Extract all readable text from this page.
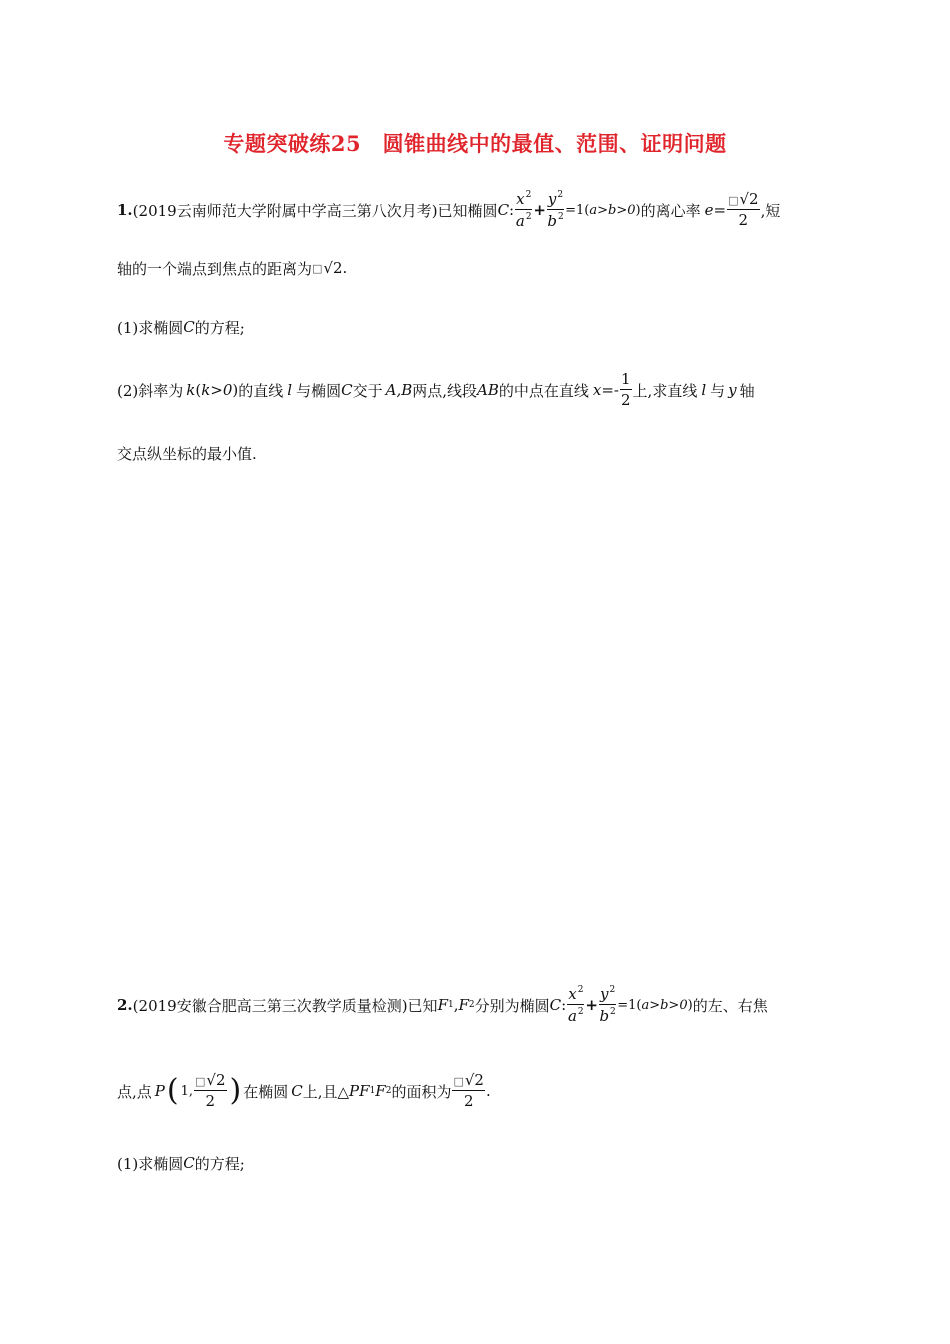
专题突破练25　圆锥曲线中的最值、范围、证明问题
1. (2019云南师范大学附属中学高三第八次月考)已知椭圆 C : $\frac{x^2}{a^2} + \frac{y^2}{b^2} =1$ ( a>b>0 ) 的离心率 $e = \frac{□√2}{2}$ ,短
轴的一个端点到焦点的距离为 □ √2 .
(1)求椭圆 C 的方程;
(2)斜率为 k ( k>0 ) 的直线 l 与椭圆 C 交于 A,B 两点,线段 AB 的中点在直线 $x=- \frac{1}{2}$ 上,求直线 l 与 y 轴
交点纵坐标的最小值.
2. (2019安徽合肥高三第三次教学质量检测)已知 F 1 , F 2 分别为椭圆 C : $\frac{x^2}{a^2} + \frac{y^2}{b^2} =1$ ( a>b>0 ) 的左、右焦
点,点 P ( 1, $\frac{□√2}{2}$ ) 在椭圆 C 上,且△ PF 1 F 2 的面积为 $\frac{□√2}{2}$ .
(1)求椭圆 C 的方程;
